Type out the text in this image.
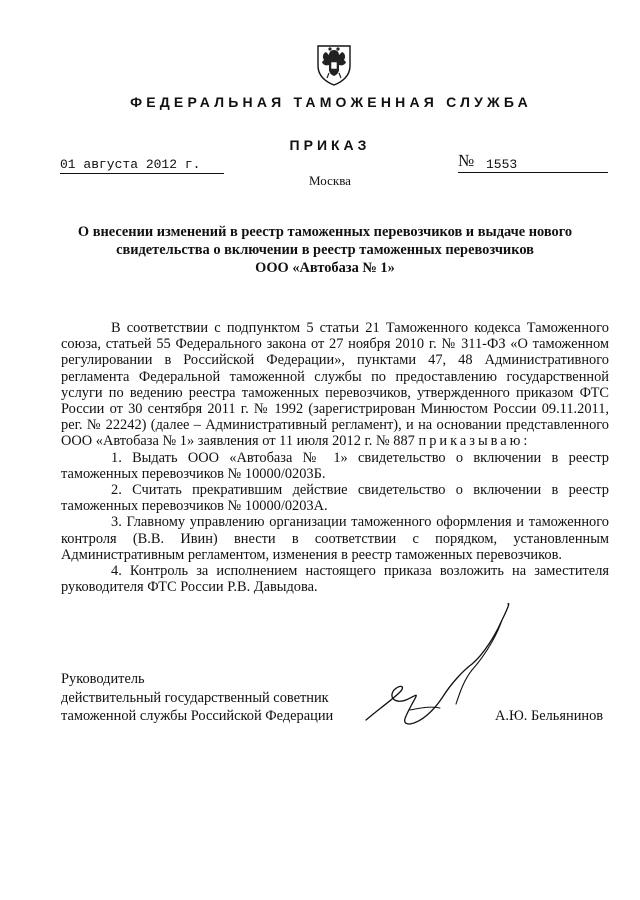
ФЕДЕРАЛЬНАЯ ТАМОЖЕННАЯ СЛУЖБА
ПРИКАЗ
01 августа 2012 г.	№ 1553
Москва
О внесении изменений в реестр таможенных перевозчиков и выдаче нового
свидетельства о включении в реестр таможенных перевозчиков
ООО «Автобаза № 1»

В соответствии с подпунктом 5 статьи 21 Таможенного кодекса Таможенного союза, статьей 55 Федерального закона от 27 ноября 2010 г. № 311-ФЗ «О таможенном регулировании в Российской Федерации», пунктами 47, 48 Административного регламента Федеральной таможенной службы по предоставлению государственной услуги по ведению реестра таможенных перевозчиков, утвержденного приказом ФТС России от 30 сентября 2011 г. № 1992 (зарегистрирован Минюстом России 09.11.2011, рег. № 22242) (далее – Административный регламент), и на основании представленного ООО «Автобаза № 1» заявления от 11 июля 2012 г. № 887 приказываю:

1. Выдать ООО «Автобаза № 1» свидетельство о включении в реестр таможенных перевозчиков № 10000/0203Б.

2. Считать прекратившим действие свидетельство о включении в реестр таможенных перевозчиков № 10000/0203А.

3. Главному управлению организации таможенного оформления и таможенного контроля (В.В. Ивин) внести в соответствии с порядком, установленным Административным регламентом, изменения в реестр таможенных перевозчиков.

4. Контроль за исполнением настоящего приказа возложить на заместителя руководителя ФТС России Р.В. Давыдова.

Руководитель
действительный государственный советник
таможенной службы Российской Федерации	А.Ю. Бельянинов
